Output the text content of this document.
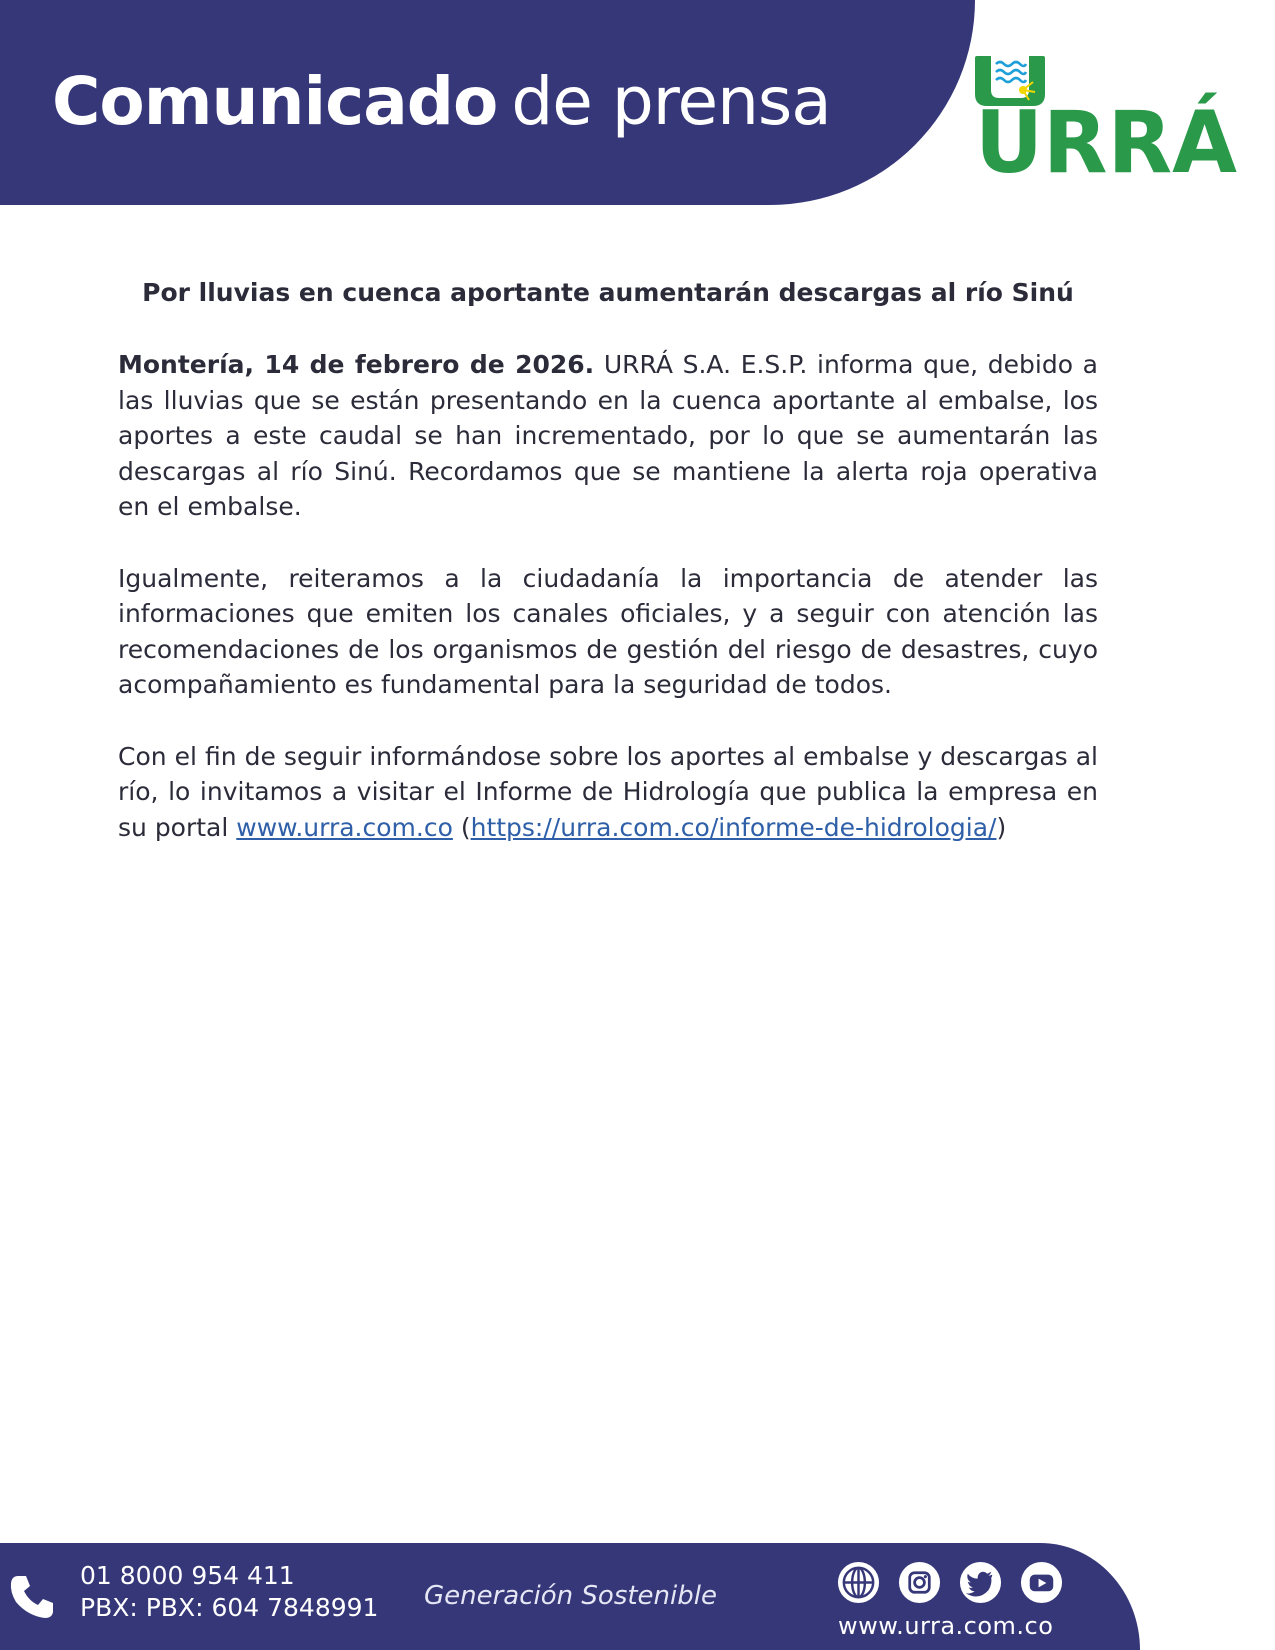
Comunicado de prensa URRÁ
Por lluvias en cuenca aportante aumentarán descargas al río Sinú

Montería, 14 de febrero de 2026. URRÁ S.A. E.S.P. informa que, debido a las lluvias que se están presentando en la cuenca aportante al embalse, los aportes a este caudal se han incrementado, por lo que se aumentarán las descargas al río Sinú. Recordamos que se mantiene la alerta roja operativa en el embalse.

Igualmente, reiteramos a la ciudadanía la importancia de atender las informaciones que emiten los canales oficiales, y a seguir con atención las recomendaciones de los organismos de gestión del riesgo de desastres, cuyo acompañamiento es fundamental para la seguridad de todos.

Con el fin de seguir informándose sobre los aportes al embalse y descargas al río, lo invitamos a visitar el Informe de Hidrología que publica la empresa en su portal www.urra.com.co (https://urra.com.co/informe-de-hidrologia/)

01 8000 954 411
PBX: PBX: 604 7848991 Generación Sostenible
www.urra.com.co
